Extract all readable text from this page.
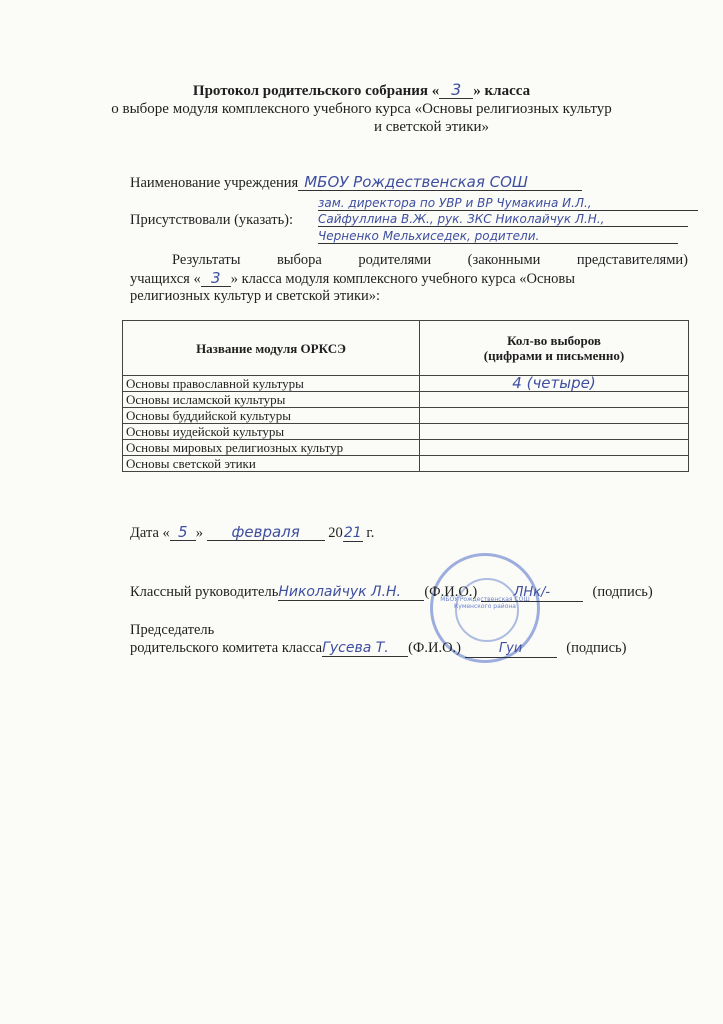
Протокол родительского собрания « 3 » класса
о выборе модуля комплексного учебного курса «Основы религиозных культур
и светской этики»
Наименование учреждения МБОУ Рождественская СОШ
зам. директора по УВР и ВР Чумакина И.Л.,
Присутствовали (указать): Сайфуллина В.Ж., рук. ЗКС Николайчук Л.Н.,
Черненко Мельхиседек, родители.
Результаты выбора родителями (законными представителями)
учащихся « 3 » класса модуля комплексного учебного курса «Основы
религиозных культур и светской этики»:
Название модуля ОРКСЭ	Кол-во выборов
(цифрами и письменно)
Основы православной культуры	4 (четыре)
Основы исламской культуры	
Основы буддийской культуры	
Основы иудейской культуры	
Основы мировых религиозных культур	
Основы светской этики	
Дата « 5 » февраля 2021 г.
МБОУ Рождественская СОШ Куменского района
Классный руководительНиколайчук Л.Н. (Ф.И.О.)	ЛНк/-	(подпись)
Председатель
родительского комитета классаГусева Т. (Ф.И.О.)	Гуи	(подпись)
